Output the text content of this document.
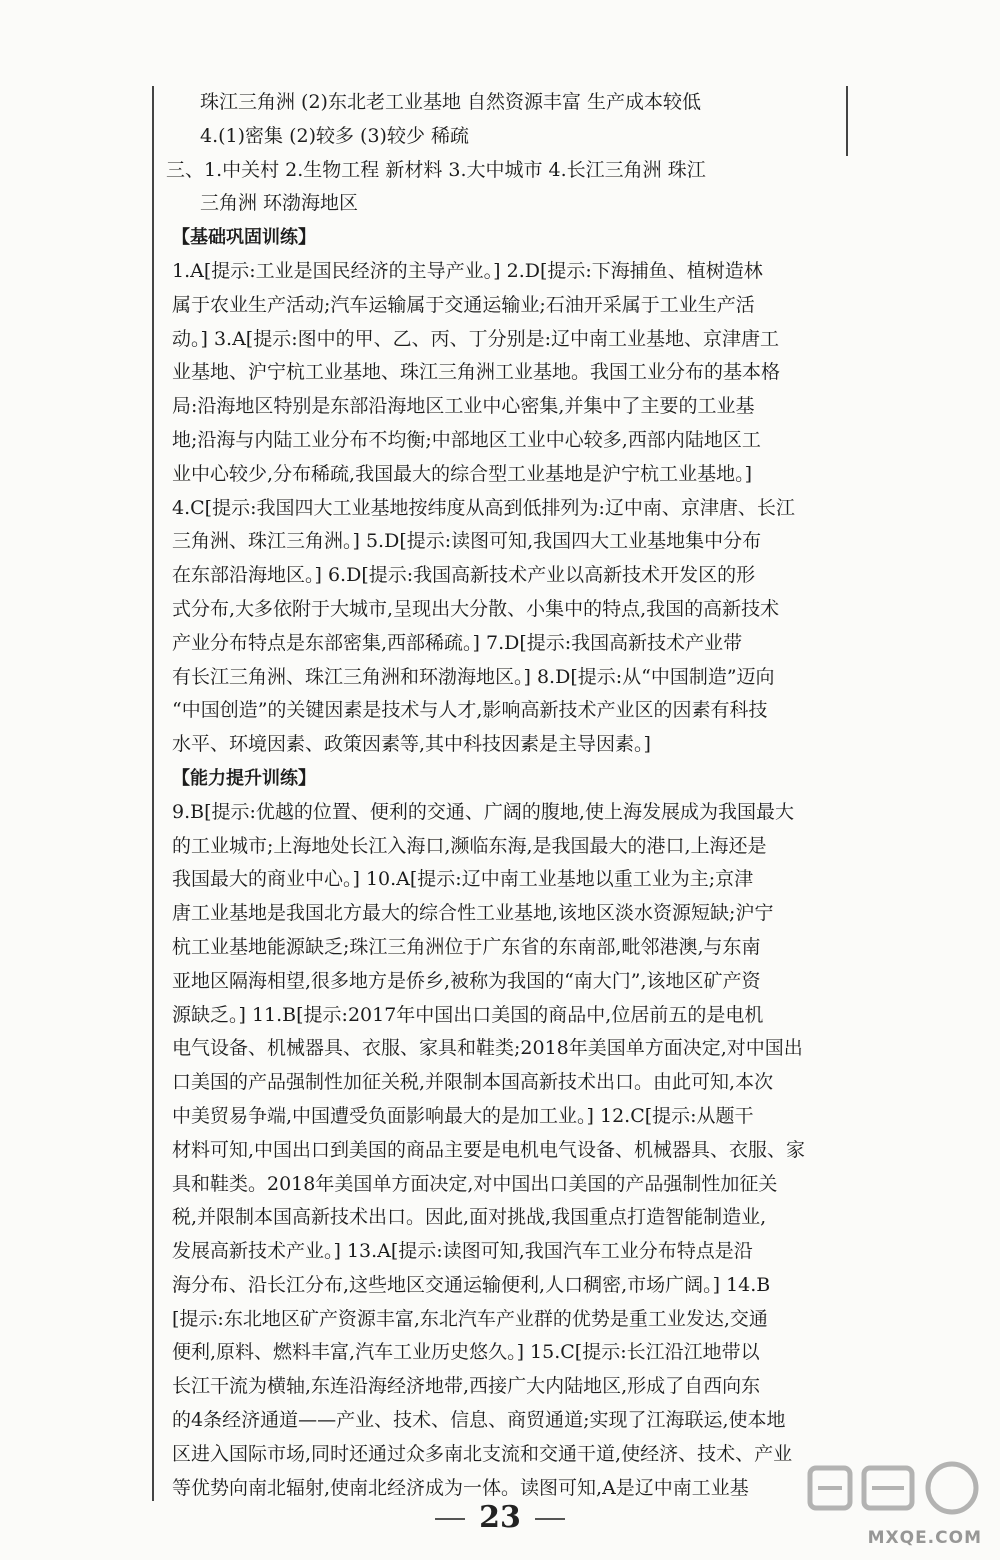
珠江三角洲 (2)东北老工业基地 自然资源丰富 生产成本较低
4.(1)密集 (2)较多 (3)较少 稀疏
三、1.中关村 2.生物工程 新材料 3.大中城市 4.长江三角洲 珠江
三角洲 环渤海地区
【基础巩固训练】
1.A[提示:工业是国民经济的主导产业。] 2.D[提示:下海捕鱼、植树造林
属于农业生产活动;汽车运输属于交通运输业;石油开采属于工业生产活
动。] 3.A[提示:图中的甲、乙、丙、丁分别是:辽中南工业基地、京津唐工
业基地、沪宁杭工业基地、珠江三角洲工业基地。我国工业分布的基本格
局:沿海地区特别是东部沿海地区工业中心密集,并集中了主要的工业基
地;沿海与内陆工业分布不均衡;中部地区工业中心较多,西部内陆地区工
业中心较少,分布稀疏,我国最大的综合型工业基地是沪宁杭工业基地。]
4.C[提示:我国四大工业基地按纬度从高到低排列为:辽中南、京津唐、长江
三角洲、珠江三角洲。] 5.D[提示:读图可知,我国四大工业基地集中分布
在东部沿海地区。] 6.D[提示:我国高新技术产业以高新技术开发区的形
式分布,大多依附于大城市,呈现出大分散、小集中的特点,我国的高新技术
产业分布特点是东部密集,西部稀疏。] 7.D[提示:我国高新技术产业带
有长江三角洲、珠江三角洲和环渤海地区。] 8.D[提示:从“中国制造”迈向
“中国创造”的关键因素是技术与人才,影响高新技术产业区的因素有科技
水平、环境因素、政策因素等,其中科技因素是主导因素。]
【能力提升训练】
9.B[提示:优越的位置、便利的交通、广阔的腹地,使上海发展成为我国最大
的工业城市;上海地处长江入海口,濒临东海,是我国最大的港口,上海还是
我国最大的商业中心。] 10.A[提示:辽中南工业基地以重工业为主;京津
唐工业基地是我国北方最大的综合性工业基地,该地区淡水资源短缺;沪宁
杭工业基地能源缺乏;珠江三角洲位于广东省的东南部,毗邻港澳,与东南
亚地区隔海相望,很多地方是侨乡,被称为我国的“南大门”,该地区矿产资
源缺乏。] 11.B[提示:2017年中国出口美国的商品中,位居前五的是电机
电气设备、机械器具、衣服、家具和鞋类;2018年美国单方面决定,对中国出
口美国的产品强制性加征关税,并限制本国高新技术出口。由此可知,本次
中美贸易争端,中国遭受负面影响最大的是加工业。] 12.C[提示:从题干
材料可知,中国出口到美国的商品主要是电机电气设备、机械器具、衣服、家
具和鞋类。2018年美国单方面决定,对中国出口美国的产品强制性加征关
税,并限制本国高新技术出口。因此,面对挑战,我国重点打造智能制造业,
发展高新技术产业。] 13.A[提示:读图可知,我国汽车工业分布特点是沿
海分布、沿长江分布,这些地区交通运输便利,人口稠密,市场广阔。] 14.B
[提示:东北地区矿产资源丰富,东北汽车产业群的优势是重工业发达,交通
便利,原料、燃料丰富,汽车工业历史悠久。] 15.C[提示:长江沿江地带以
长江干流为横轴,东连沿海经济地带,西接广大内陆地区,形成了自西向东
的4条经济通道——产业、技术、信息、商贸通道;实现了江海联运,使本地
区进入国际市场,同时还通过众多南北支流和交通干道,使经济、技术、产业
等优势向南北辐射,使南北经济成为一体。读图可知,A是辽中南工业基
23
MXQE.COM
